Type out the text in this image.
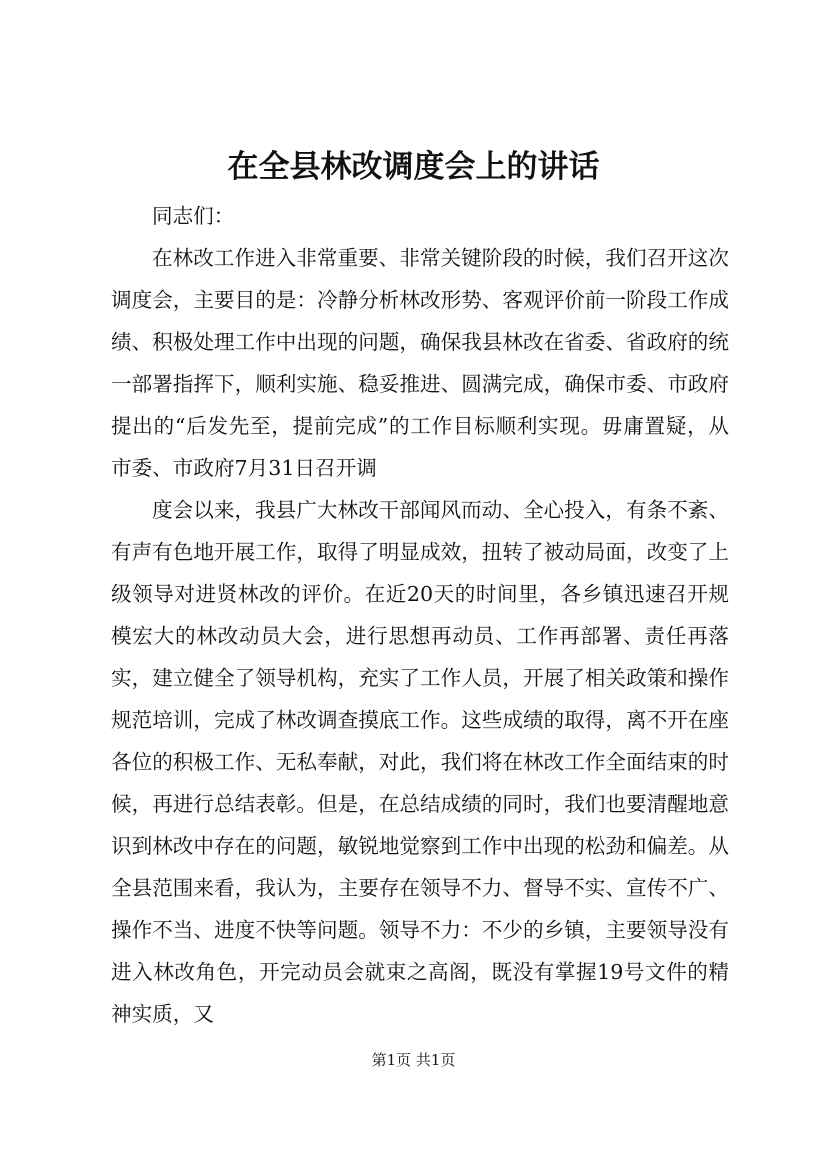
在全县林改调度会上的讲话

同志们：

在林改工作进入非常重要、非常关键阶段的时候，我们召开这次调度会，主要目的是：冷静分析林改形势、客观评价前一阶段工作成绩、积极处理工作中出现的问题，确保我县林改在省委、省政府的统一部署指挥下，顺利实施、稳妥推进、圆满完成，确保市委、市政府提出的“后发先至，提前完成”的工作目标顺利实现。毋庸置疑，从市委、市政府7月31日召开调

度会以来，我县广大林改干部闻风而动、全心投入，有条不紊、有声有色地开展工作，取得了明显成效，扭转了被动局面，改变了上级领导对进贤林改的评价。在近20天的时间里，各乡镇迅速召开规模宏大的林改动员大会，进行思想再动员、工作再部署、责任再落实，建立健全了领导机构，充实了工作人员，开展了相关政策和操作规范培训，完成了林改调查摸底工作。这些成绩的取得，离不开在座各位的积极工作、无私奉献，对此，我们将在林改工作全面结束的时候，再进行总结表彰。但是，在总结成绩的同时，我们也要清醒地意识到林改中存在的问题，敏锐地觉察到工作中出现的松劲和偏差。从全县范围来看，我认为，主要存在领导不力、督导不实、宣传不广、操作不当、进度不快等问题。领导不力：不少的乡镇，主要领导没有进入林改角色，开完动员会就束之高阁，既没有掌握19号文件的精神实质，又

第1页 共1页
